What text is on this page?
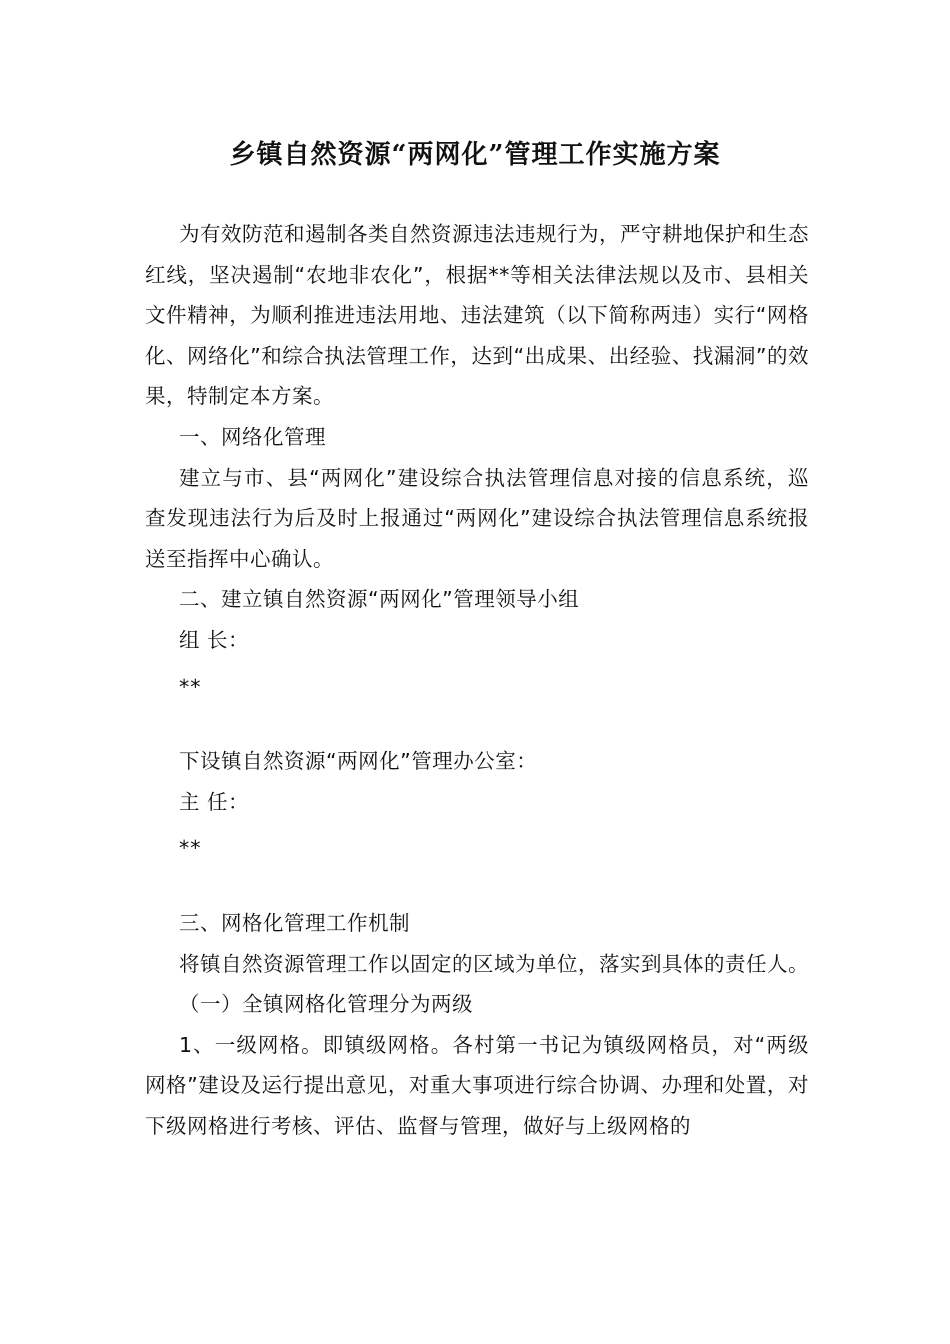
乡镇自然资源“两网化”管理工作实施方案

为有效防范和遏制各类自然资源违法违规行为，严守耕地保护和生态红线，坚决遏制“农地非农化”，根据**等相关法律法规以及市、县相关文件精神，为顺利推进违法用地、违法建筑（以下简称两违）实行“网格化、网络化”和综合执法管理工作，达到“出成果、出经验、找漏洞”的效果，特制定本方案。

一、网络化管理

建立与市、县“两网化”建设综合执法管理信息对接的信息系统，巡查发现违法行为后及时上报通过“两网化”建设综合执法管理信息系统报送至指挥中心确认。

二、建立镇自然资源“两网化”管理领导小组

组 长：

**

下设镇自然资源“两网化”管理办公室：

主 任：

**

三、网格化管理工作机制

将镇自然资源管理工作以固定的区域为单位，落实到具体的责任人。

（一）全镇网格化管理分为两级

1、一级网格。即镇级网格。各村第一书记为镇级网格员，对“两级网格”建设及运行提出意见，对重大事项进行综合协调、办理和处置，对下级网格进行考核、评估、监督与管理，做好与上级网格的
